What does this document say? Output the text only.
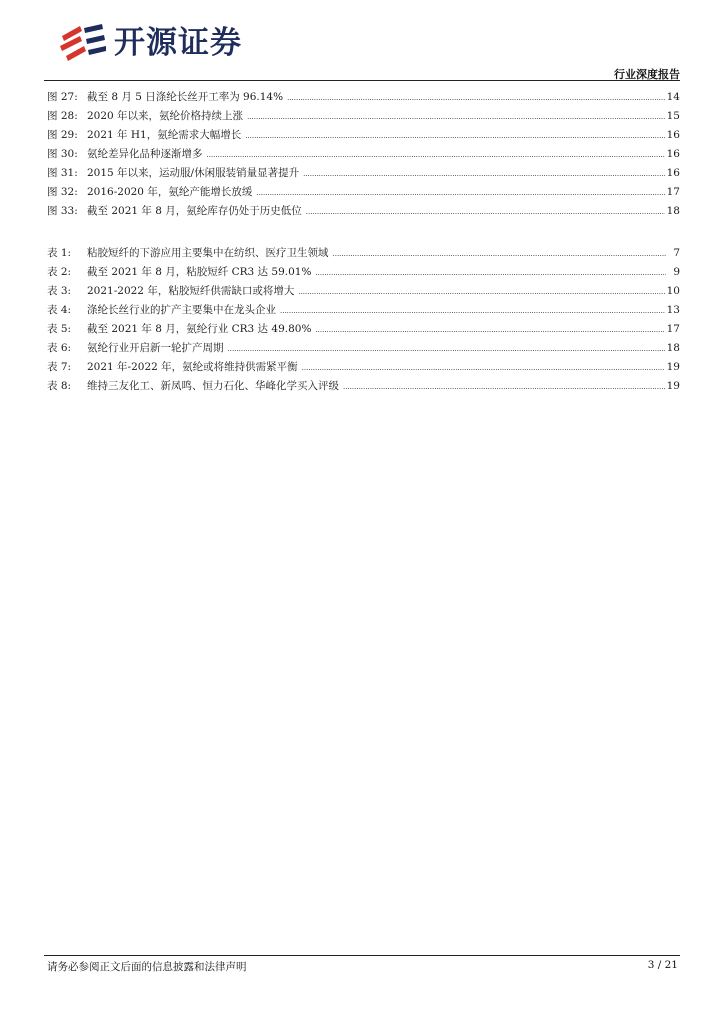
开源证券
行业深度报告
图 27: 截至 8 月 5 日涤纶长丝开工率为 96.14% .....	14
图 28: 2020 年以来，氨纶价格持续上涨 .....	15
图 29: 2021 年 H1，氨纶需求大幅增长 .....	16
图 30: 氨纶差异化品种逐渐增多 .....	16
图 31: 2015 年以来，运动服/休闲服装销量显著提升 .....	16
图 32: 2016-2020 年，氨纶产能增长放缓 .....	17
图 33: 截至 2021 年 8 月，氨纶库存仍处于历史低位 .....	18
表 1:	粘胶短纤的下游应用主要集中在纺织、医疗卫生领域 .....	7
表 2:	截至 2021 年 8 月，粘胶短纤 CR3 达 59.01% .....	9
表 3:	2021-2022 年，粘胶短纤供需缺口或将增大 .....	10
表 4:	涤纶长丝行业的扩产主要集中在龙头企业 .....	13
表 5:	截至 2021 年 8 月，氨纶行业 CR3 达 49.80% .....	17
表 6:	氨纶行业开启新一轮扩产周期 .....	18
表 7:	2021 年-2022 年，氨纶或将维持供需紧平衡 .....	19
表 8:	维持三友化工、新凤鸣、恒力石化、华峰化学买入评级 .....	19
请务必参阅正文后面的信息披露和法律声明	3 / 21
